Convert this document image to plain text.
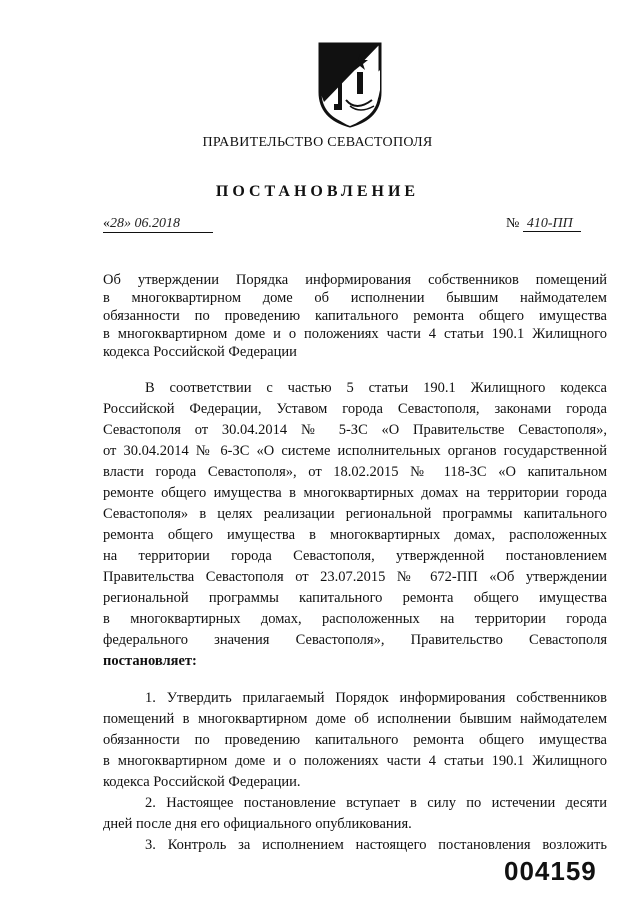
ПРАВИТЕЛЬСТВО СЕВАСТОПОЛЯ
ПОСТАНОВЛЕНИЕ
«28» 06.2018	№ 410-ПП
Об утверждении Порядка информирования собственников помещений
в многоквартирном доме об исполнении бывшим наймодателем
обязанности по проведению капитального ремонта общего имущества
в многоквартирном доме и о положениях части 4 статьи 190.1 Жилищного
кодекса Российской Федерации
В соответствии с частью 5 статьи 190.1 Жилищного кодекса
Российской Федерации, Уставом города Севастополя, законами города
Севастополя от 30.04.2014 № 5-ЗС «О Правительстве Севастополя»,
от 30.04.2014 № 6-ЗС «О системе исполнительных органов государственной
власти города Севастополя», от 18.02.2015 № 118-ЗС «О капитальном
ремонте общего имущества в многоквартирных домах на территории города
Севастополя» в целях реализации региональной программы капитального
ремонта общего имущества в многоквартирных домах, расположенных
на территории города Севастополя, утвержденной постановлением
Правительства Севастополя от 23.07.2015 № 672-ПП «Об утверждении
региональной программы капитального ремонта общего имущества
в многоквартирных домах, расположенных на территории города
федерального значения Севастополя», Правительство Севастополя
постановляет:
1. Утвердить прилагаемый Порядок информирования собственников
помещений в многоквартирном доме об исполнении бывшим наймодателем
обязанности по проведению капитального ремонта общего имущества
в многоквартирном доме и о положениях части 4 статьи 190.1 Жилищного
кодекса Российской Федерации.
2. Настоящее постановление вступает в силу по истечении десяти
дней после дня его официального опубликования.
3. Контроль за исполнением настоящего постановления возложить
004159
